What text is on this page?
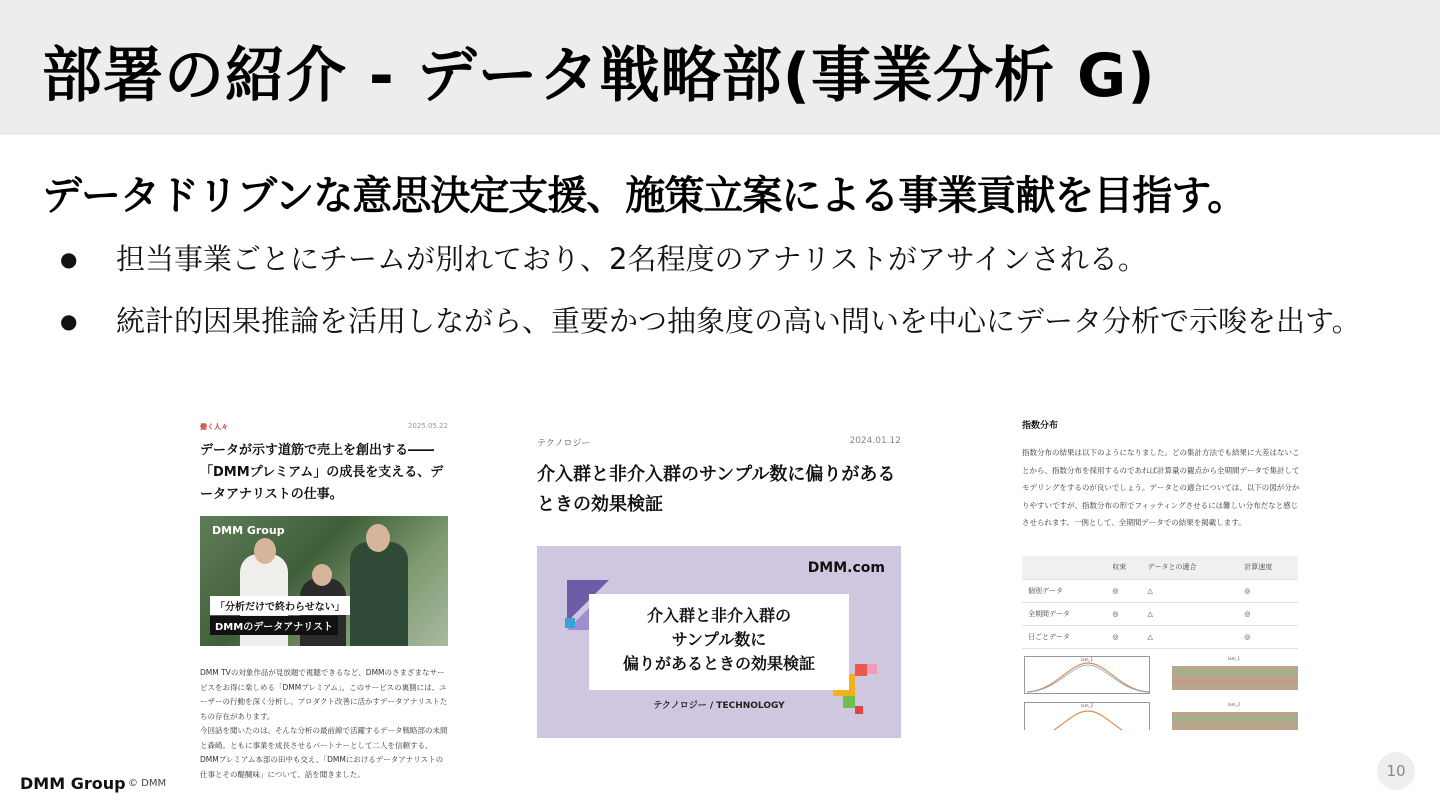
部署の紹介 - データ戦略部(事業分析 G)
データドリブンな意思決定支援、施策立案による事業貢献を目指す。
● 担当事業ごとにチームが別れており、2名程度のアナリストがアサインされる。
● 統計的因果推論を活用しながら、重要かつ抽象度の高い問いを中心にデータ分析で示唆を出す。
働く人々	2025.05.22
データが示す道筋で売上を創出する――「DMMプレミアム」の成長を支える、データアナリストの仕事。
DMM Group
「分析だけで終わらせない」
DMMのデータアナリスト
DMM TVの対象作品が見放題で視聴できるなど、DMMのさまざまなサービスをお得に楽しめる「DMMプレミアム」。このサービスの裏側には、ユーザーの行動を深く分析し、プロダクト改善に活かすデータアナリストたちの存在があります。
今回話を聞いたのは、そんな分析の最前線で活躍するデータ戦略部の未間と森崎。ともに事業を成長させるパートナーとして二人を信頼する、DMMプレミアム本部の田中も交え、「DMMにおけるデータアナリストの仕事とその醍醐味」について、話を聞きました。
テクノロジー	2024.01.12
介入群と非介入群のサンプル数に偏りがあるときの効果検証
DMM.com
介入群と非介入群の
サンプル数に
偏りがあるときの効果検証
テクノロジー / TECHNOLOGY
指数分布
指数分布の結果は以下のようになりました。どの集計方法でも結果に大差はないことから、指数分布を採用するのであれば計算量の観点から全期間データで集計してモデリングをするのが良いでしょう。データとの適合については、以下の図が分かりやすいですが、指数分布の形でフィッティングさせるには難しい分布だなと感じさせられます。一例として、全期間データでの結果を掲載します。
	収束	データとの適合	計算速度
個別データ	◎	△	◎
全期間データ	◎	△	◎
日ごとデータ	◎	△	◎
lam_1	lam_1
lam_2	lam_2
DMM Group © DMM
10
